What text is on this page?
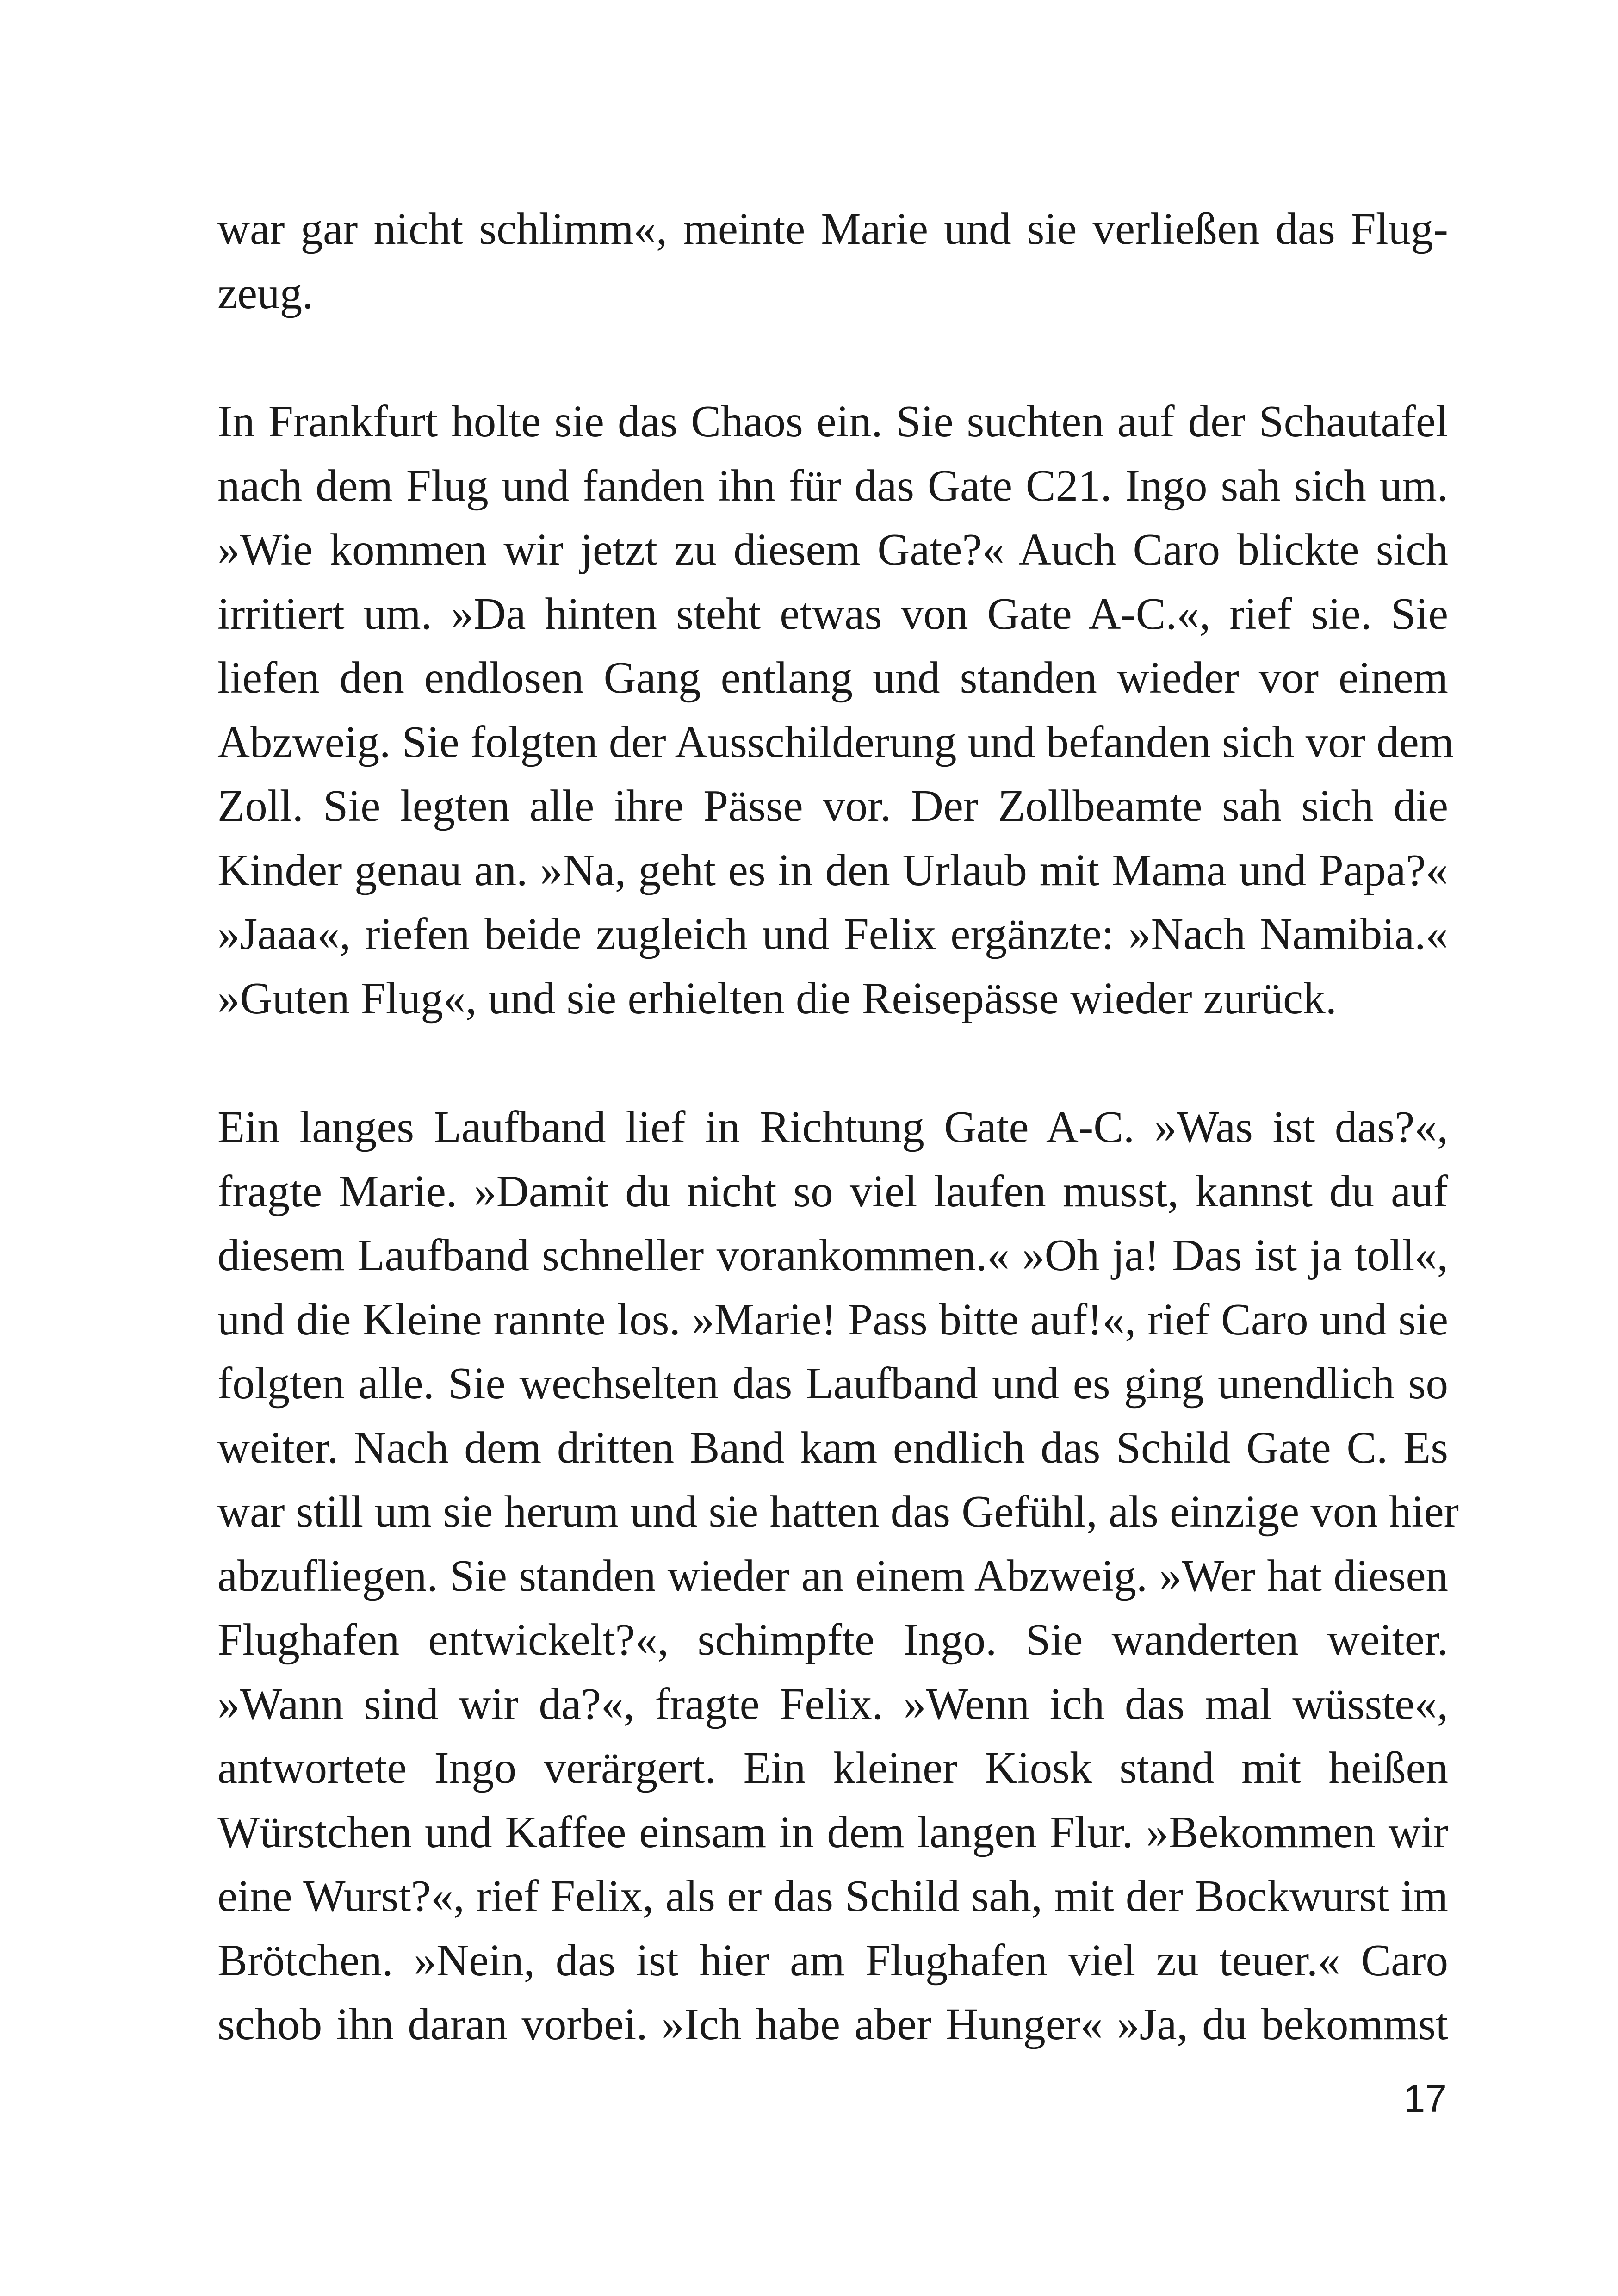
war gar nicht schlimm«, meinte Marie und sie verließen das Flug-
zeug.
In Frankfurt holte sie das Chaos ein. Sie suchten auf der Schautafel
nach dem Flug und fanden ihn für das Gate C21. Ingo sah sich um.
»Wie kommen wir jetzt zu diesem Gate?« Auch Caro blickte sich
irritiert um. »Da hinten steht etwas von Gate A-C.«, rief sie. Sie
liefen den endlosen Gang entlang und standen wieder vor einem
Abzweig. Sie folgten der Ausschilderung und befanden sich vor dem
Zoll. Sie legten alle ihre Pässe vor. Der Zollbeamte sah sich die
Kinder genau an. »Na, geht es in den Urlaub mit Mama und Papa?«
»Jaaa«, riefen beide zugleich und Felix ergänzte: »Nach Namibia.«
»Guten Flug«, und sie erhielten die Reisepässe wieder zurück.
Ein langes Laufband lief in Richtung Gate A-C. »Was ist das?«,
fragte Marie. »Damit du nicht so viel laufen musst, kannst du auf
diesem Laufband schneller vorankommen.« »Oh ja! Das ist ja toll«,
und die Kleine rannte los. »Marie! Pass bitte auf!«, rief Caro und sie
folgten alle. Sie wechselten das Laufband und es ging unendlich so
weiter. Nach dem dritten Band kam endlich das Schild Gate C. Es
war still um sie herum und sie hatten das Gefühl, als einzige von hier
abzufliegen. Sie standen wieder an einem Abzweig. »Wer hat diesen
Flughafen entwickelt?«, schimpfte Ingo. Sie wanderten weiter.
»Wann sind wir da?«, fragte Felix. »Wenn ich das mal wüsste«,
antwortete Ingo verärgert. Ein kleiner Kiosk stand mit heißen
Würstchen und Kaffee einsam in dem langen Flur. »Bekommen wir
eine Wurst?«, rief Felix, als er das Schild sah, mit der Bockwurst im
Brötchen. »Nein, das ist hier am Flughafen viel zu teuer.« Caro
schob ihn daran vorbei. »Ich habe aber Hunger« »Ja, du bekommst
17
